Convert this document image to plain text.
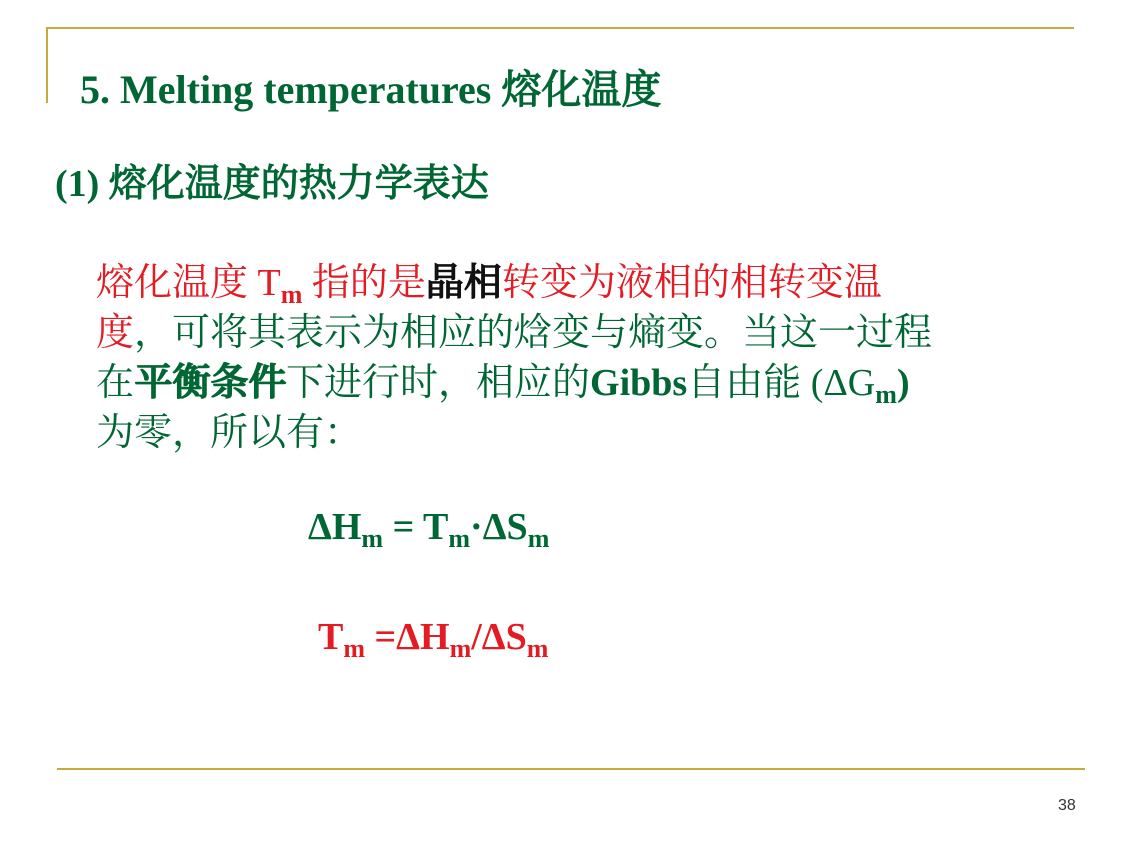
5. Melting temperatures 熔化温度
(1) 熔化温度的热力学表达
熔化温度 $T_m$ 指的是晶相转变为液相的相转变温
度，可将其表示为相应的焓变与熵变。当这一过程
在平衡条件下进行时，相应的Gibbs自由能 $(\Delta G_m)$
为零，所以有：
$\Delta H_m = T_m\cdot\Delta S_m$
$T_m =\Delta H_m/\Delta S_m$
38
